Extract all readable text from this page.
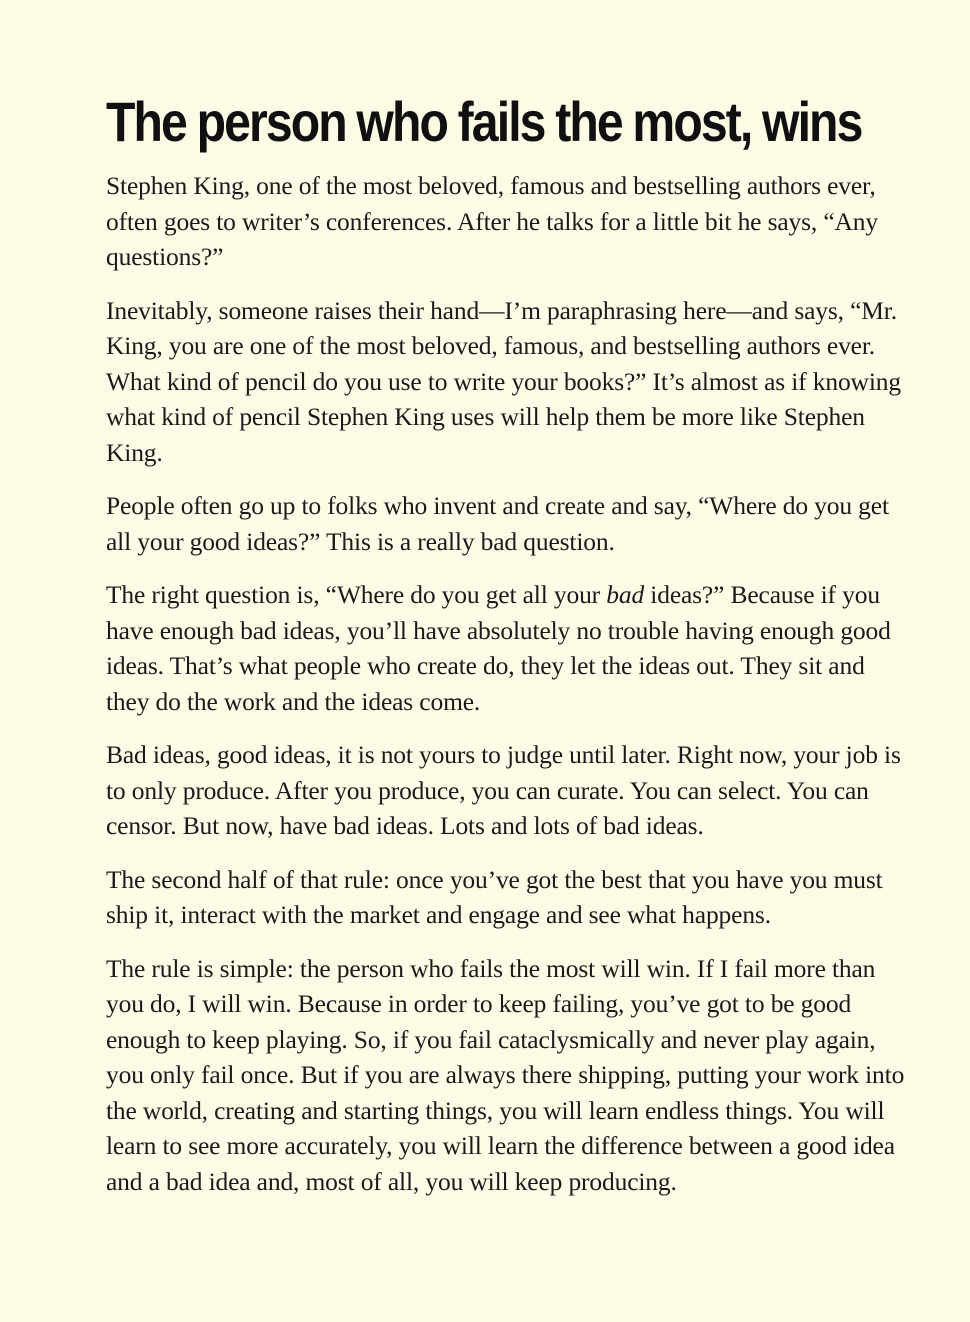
The person who fails the most, wins

Stephen King, one of the most beloved, famous and bestselling authors ever, often goes to writer’s conferences. After he talks for a little bit he says, “Any questions?”

Inevitably, someone raises their hand—I’m paraphrasing here—and says, “Mr. King, you are one of the most beloved, famous, and bestselling authors ever. What kind of pencil do you use to write your books?” It’s almost as if knowing what kind of pencil Stephen King uses will help them be more like Stephen King.

People often go up to folks who invent and create and say, “Where do you get all your good ideas?” This is a really bad question.

The right question is, “Where do you get all your bad ideas?” Because if you have enough bad ideas, you’ll have absolutely no trouble having enough good ideas. That’s what people who create do, they let the ideas out. They sit and they do the work and the ideas come.

Bad ideas, good ideas, it is not yours to judge until later. Right now, your job is to only produce. After you produce, you can curate. You can select. You can censor. But now, have bad ideas. Lots and lots of bad ideas.

The second half of that rule: once you’ve got the best that you have you must ship it, interact with the market and engage and see what happens.

The rule is simple: the person who fails the most will win. If I fail more than you do, I will win. Because in order to keep failing, you’ve got to be good enough to keep playing. So, if you fail cataclysmically and never play again, you only fail once. But if you are always there shipping, putting your work into the world, creating and starting things, you will learn endless things. You will learn to see more accurately, you will learn the difference between a good idea and a bad idea and, most of all, you will keep producing.
